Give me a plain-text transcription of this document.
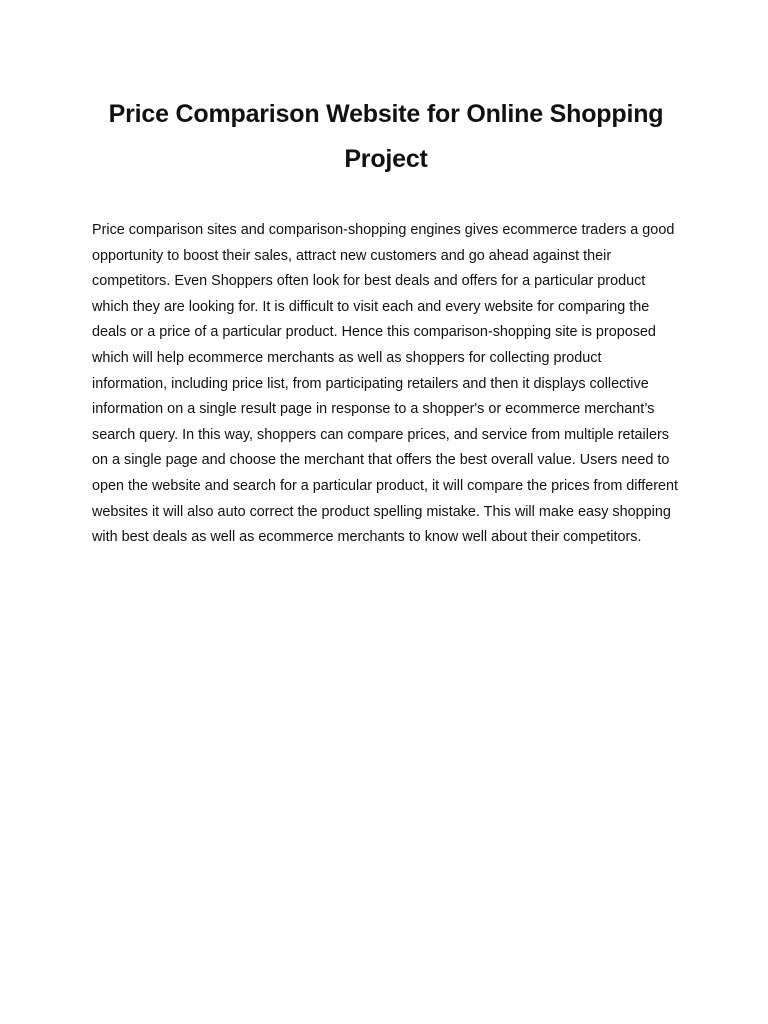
Price Comparison Website for Online Shopping Project

Price comparison sites and comparison-shopping engines gives ecommerce traders a good opportunity to boost their sales, attract new customers and go ahead against their competitors. Even Shoppers often look for best deals and offers for a particular product which they are looking for. It is difficult to visit each and every website for comparing the deals or a price of a particular product. Hence this comparison-shopping site is proposed which will help ecommerce merchants as well as shoppers for collecting product information, including price list, from participating retailers and then it displays collective information on a single result page in response to a shopper's or ecommerce merchant’s search query. In this way, shoppers can compare prices, and service from multiple retailers on a single page and choose the merchant that offers the best overall value. Users need to open the website and search for a particular product, it will compare the prices from different websites it will also auto correct the product spelling mistake. This will make easy shopping with best deals as well as ecommerce merchants to know well about their competitors.
